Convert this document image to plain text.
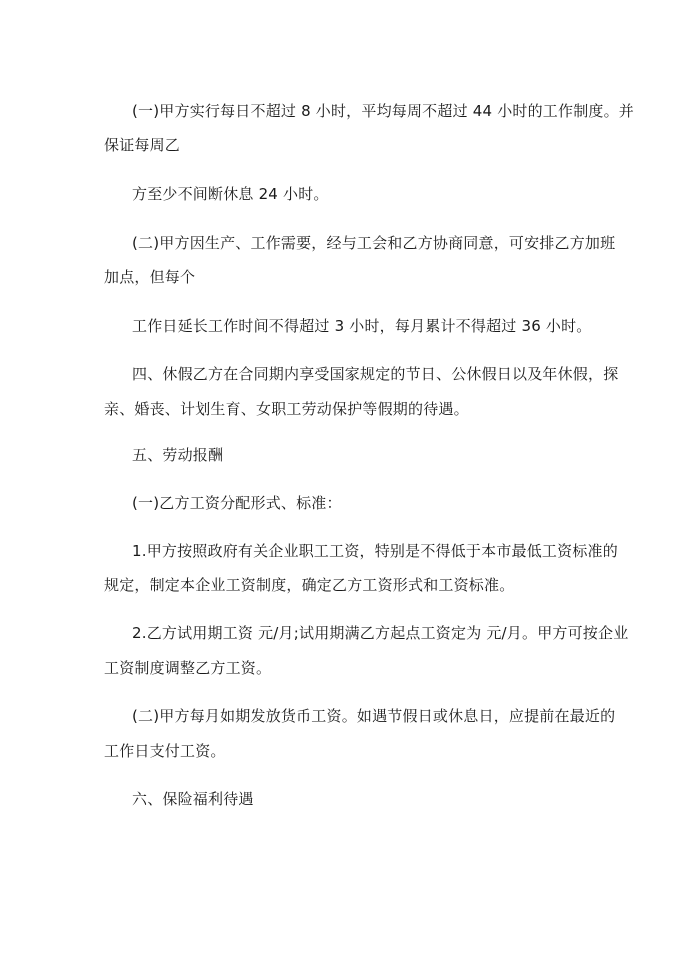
(一)甲方实行每日不超过 8 小时，平均每周不超过 44 小时的工作制度。并
保证每周乙
方至少不间断休息 24 小时。
(二)甲方因生产、工作需要，经与工会和乙方协商同意，可安排乙方加班
加点，但每个
工作日延长工作时间不得超过 3 小时，每月累计不得超过 36 小时。
四、休假乙方在合同期内享受国家规定的节日、公休假日以及年休假，探
亲、婚丧、计划生育、女职工劳动保护等假期的待遇。
五、劳动报酬
(一)乙方工资分配形式、标准：
1.甲方按照政府有关企业职工工资，特别是不得低于本市最低工资标准的
规定，制定本企业工资制度，确定乙方工资形式和工资标准。
2.乙方试用期工资 元/月;试用期满乙方起点工资定为 元/月。甲方可按企业
工资制度调整乙方工资。
(二)甲方每月如期发放货币工资。如遇节假日或休息日，应提前在最近的
工作日支付工资。
六、保险福利待遇
